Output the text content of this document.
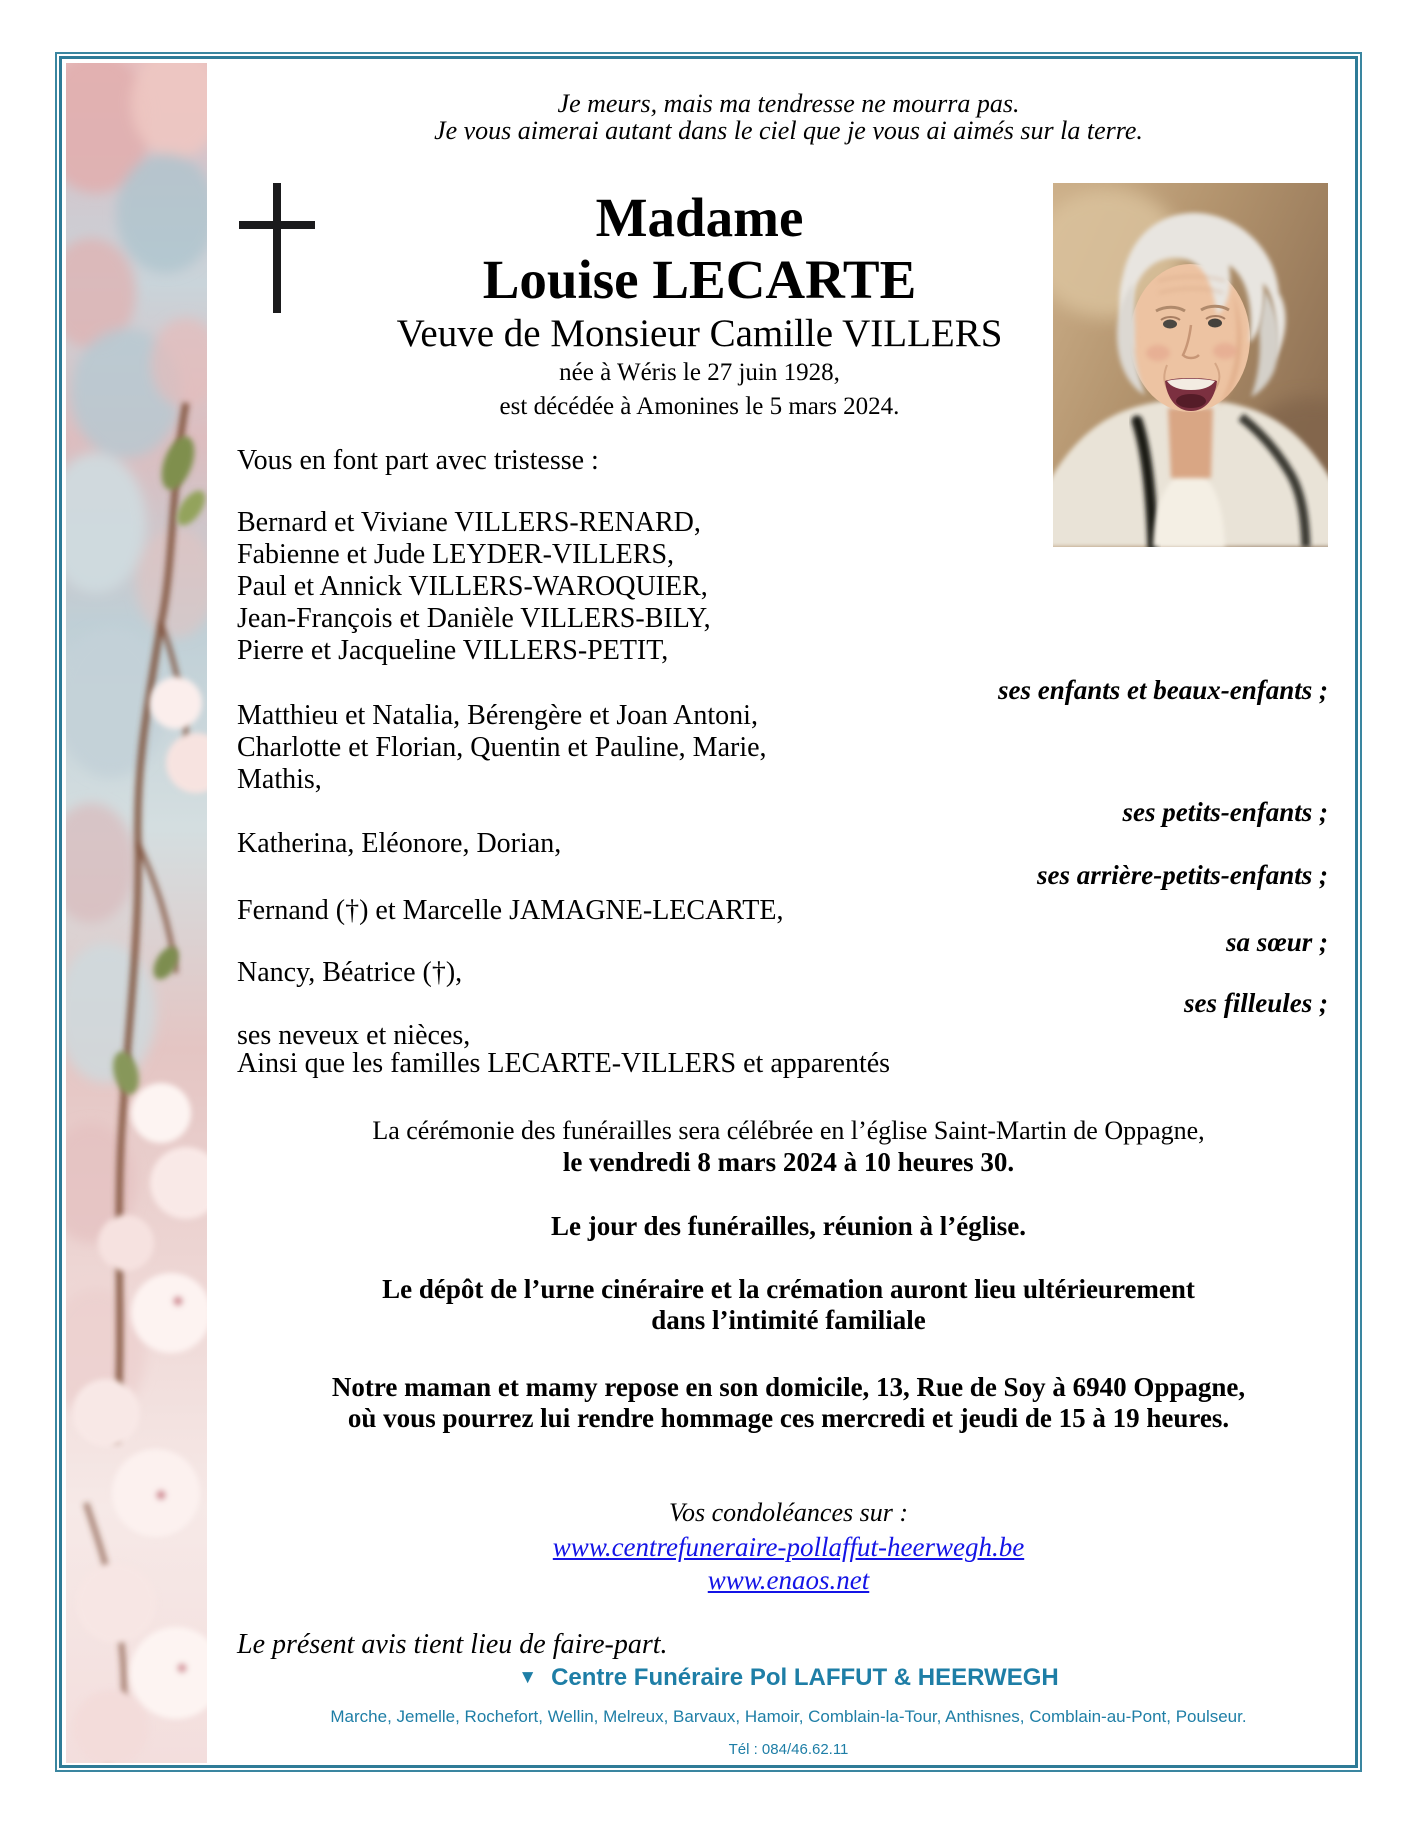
Je meurs, mais ma tendresse ne mourra pas.
Je vous aimerai autant dans le ciel que je vous ai aimés sur la terre.
Madame
Louise LECARTE
Veuve de Monsieur Camille VILLERS
née à Wéris le 27 juin 1928,
est décédée à Amonines le 5 mars 2024.
Vous en font part avec tristesse :
Bernard et Viviane VILLERS-RENARD,
Fabienne et Jude LEYDER-VILLERS,
Paul et Annick VILLERS-WAROQUIER,
Jean-François et Danièle VILLERS-BILY,
Pierre et Jacqueline VILLERS-PETIT,
ses enfants et beaux-enfants ;
Matthieu et Natalia, Bérengère et Joan Antoni,
Charlotte et Florian, Quentin et Pauline, Marie,
Mathis,
ses petits-enfants ;
Katherina, Eléonore, Dorian,
ses arrière-petits-enfants ;
Fernand (†) et Marcelle JAMAGNE-LECARTE,
sa sœur ;
Nancy, Béatrice (†),
ses filleules ;
ses neveux et nièces,
Ainsi que les familles LECARTE-VILLERS et apparentés
La cérémonie des funérailles sera célébrée en l’église Saint-Martin de Oppagne,
le vendredi 8 mars 2024 à 10 heures 30.
Le jour des funérailles, réunion à l’église.
Le dépôt de l’urne cinéraire et la crémation auront lieu ultérieurement
dans l’intimité familiale
Notre maman et mamy repose en son domicile, 13, Rue de Soy à 6940 Oppagne,
où vous pourrez lui rendre hommage ces mercredi et jeudi de 15 à 19 heures.
Vos condoléances sur :
www.centrefuneraire-pollaffut-heerwegh.be
www.enaos.net
Le présent avis tient lieu de faire-part.
▼ Centre Funéraire Pol LAFFUT & HEERWEGH
Marche, Jemelle, Rochefort, Wellin, Melreux, Barvaux, Hamoir, Comblain-la-Tour, Anthisnes, Comblain-au-Pont, Poulseur.
Tél : 084/46.62.11
